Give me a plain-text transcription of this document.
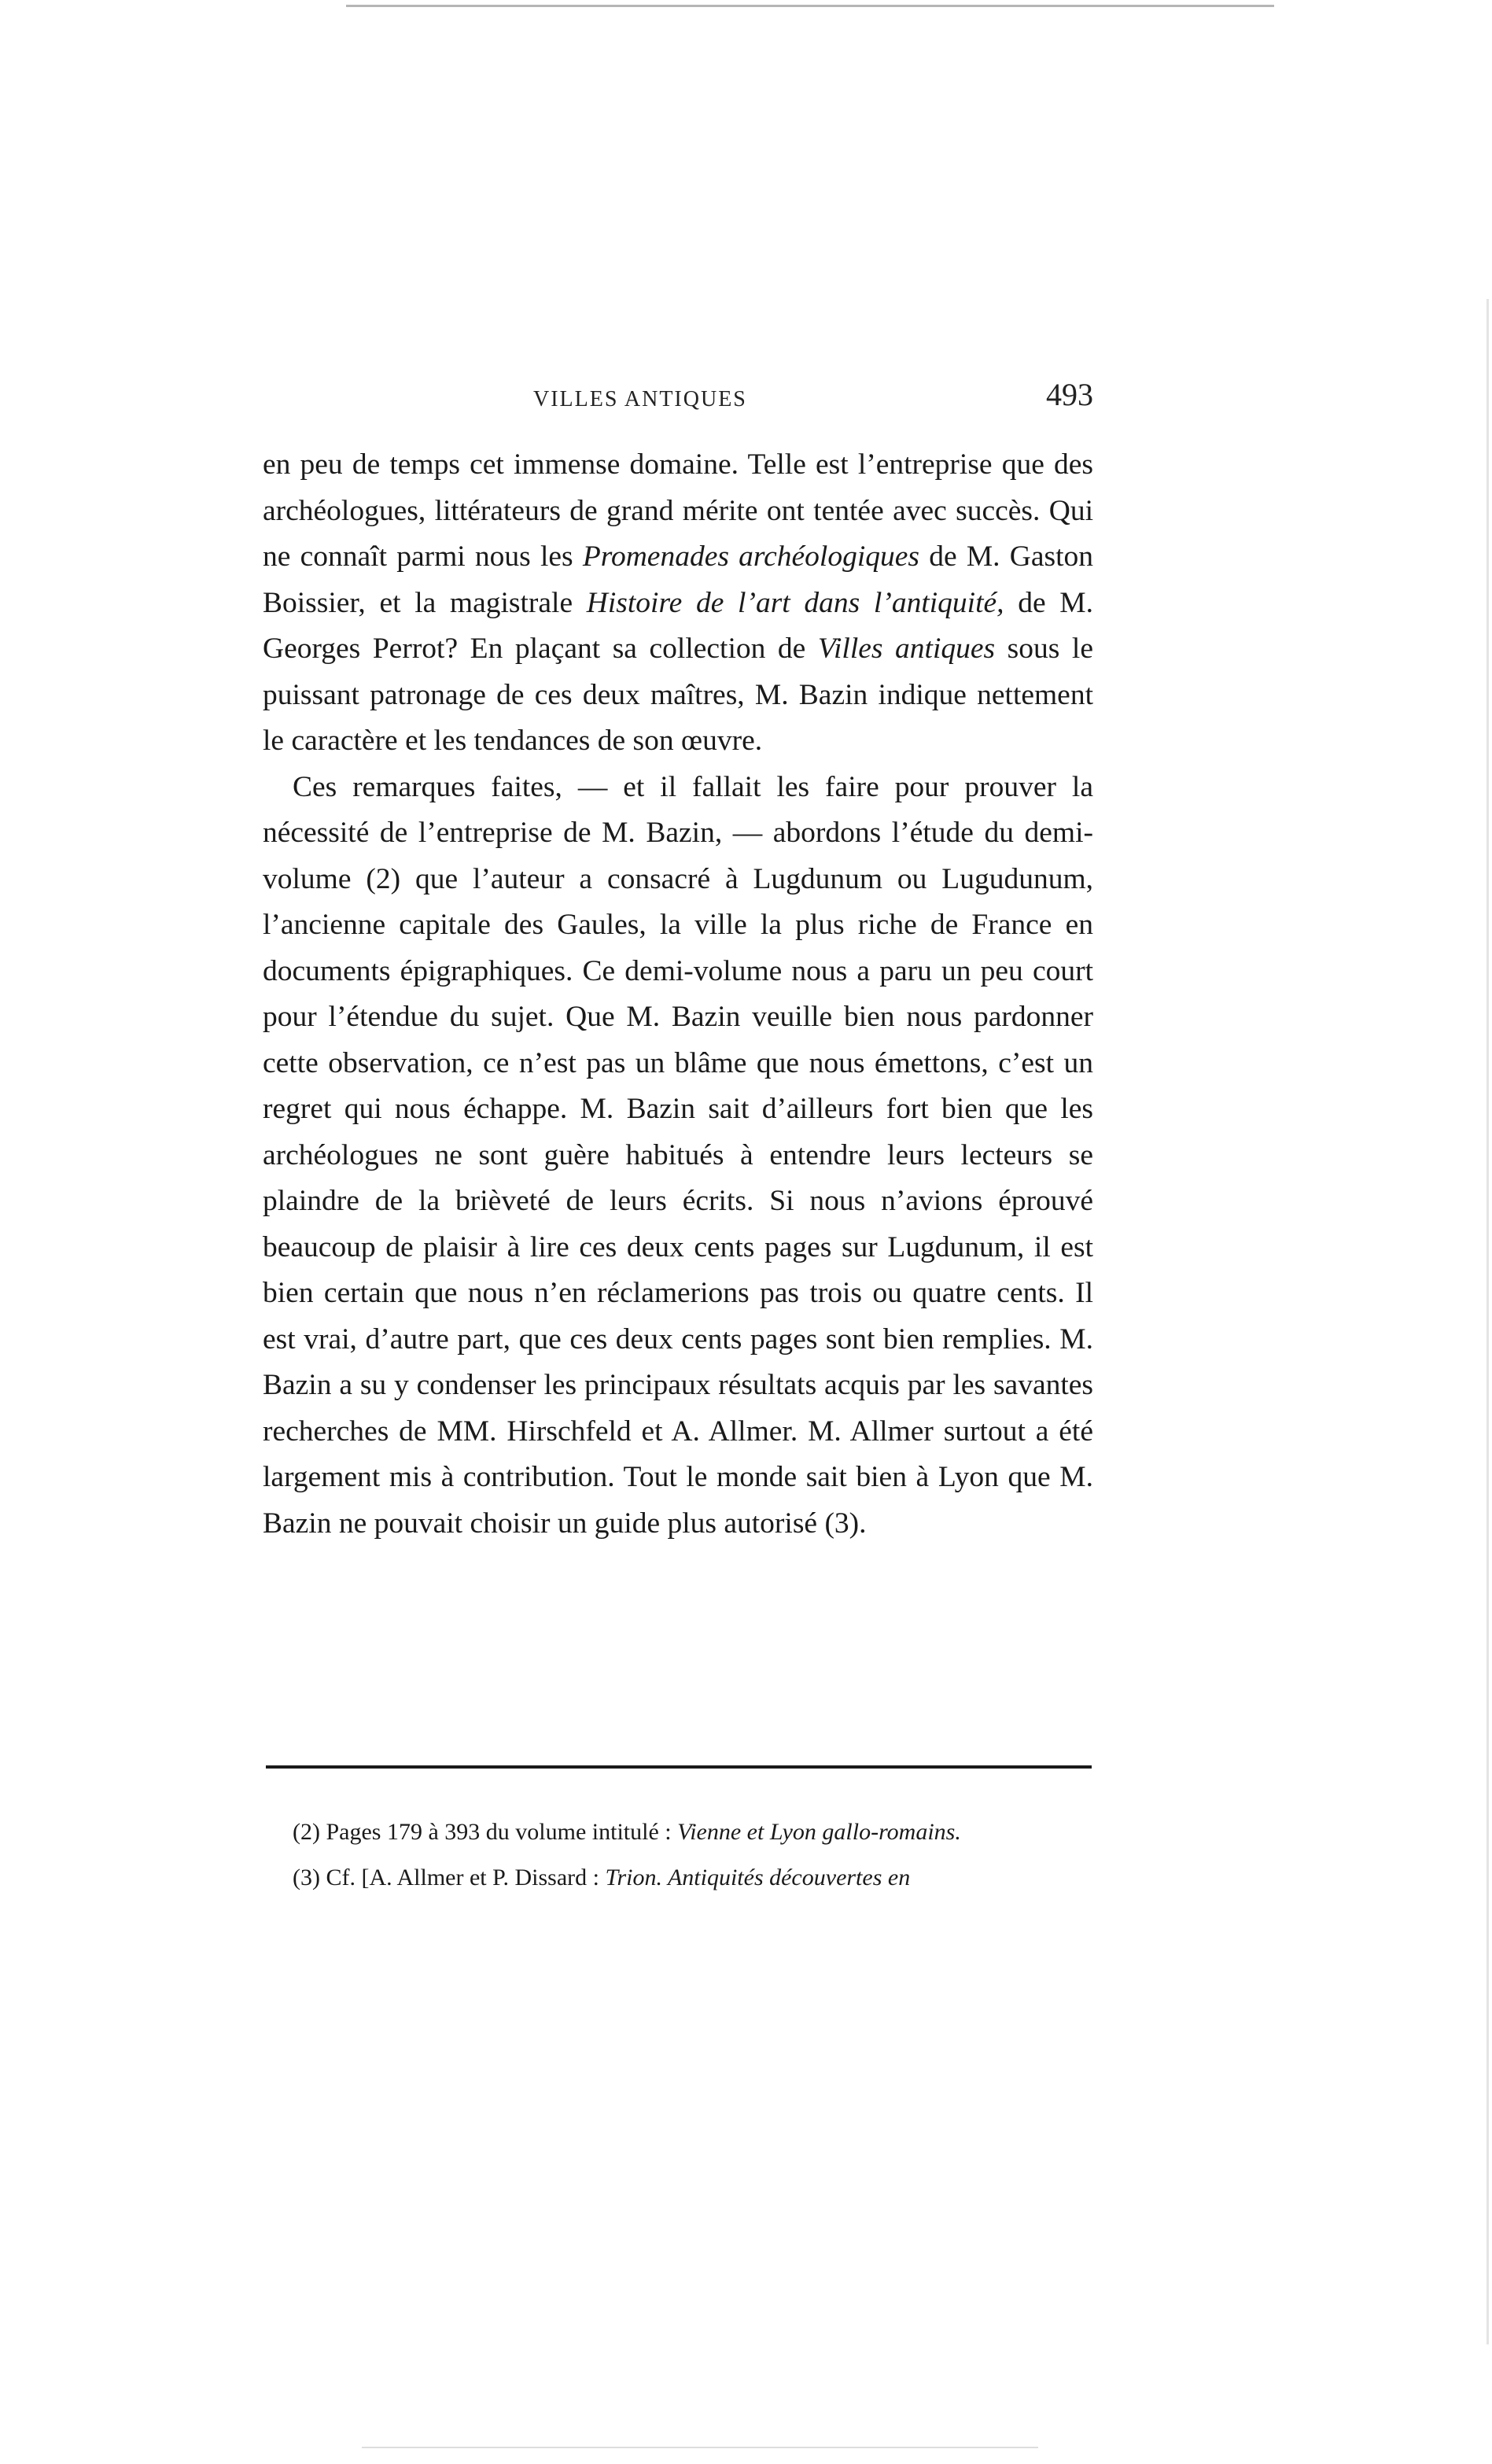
VILLES ANTIQUES	493

en peu de temps cet immense domaine. Telle est l’entreprise que des archéologues, littérateurs de grand mérite ont tentée avec succès. Qui ne connaît parmi nous les Promenades archéologiques de M. Gaston Boissier, et la magistrale Histoire de l’art dans l’antiquité, de M. Georges Perrot? En plaçant sa collection de Villes antiques sous le puissant patronage de ces deux maîtres, M. Bazin indique nettement le caractère et les tendances de son œuvre.

Ces remarques faites, — et il fallait les faire pour prouver la nécessité de l’entreprise de M. Bazin, — abordons l’étude du demi-volume (2) que l’auteur a consacré à Lugdunum ou Lugudunum, l’ancienne capitale des Gaules, la ville la plus riche de France en documents épigraphiques. Ce demi-volume nous a paru un peu court pour l’étendue du sujet. Que M. Bazin veuille bien nous pardonner cette observation, ce n’est pas un blâme que nous émettons, c’est un regret qui nous échappe. M. Bazin sait d’ailleurs fort bien que les archéologues ne sont guère habitués à entendre leurs lecteurs se plaindre de la brièveté de leurs écrits. Si nous n’avions éprouvé beaucoup de plaisir à lire ces deux cents pages sur Lugdunum, il est bien certain que nous n’en réclamerions pas trois ou quatre cents. Il est vrai, d’autre part, que ces deux cents pages sont bien remplies. M. Bazin a su y condenser les principaux résultats acquis par les savantes recherches de MM. Hirschfeld et A. Allmer. M. Allmer surtout a été largement mis à contribution. Tout le monde sait bien à Lyon que M. Bazin ne pouvait choisir un guide plus autorisé (3).

(2) Pages 179 à 393 du volume intitulé : Vienne et Lyon gallo-romains.
(3) Cf. [A. Allmer et P. Dissard : Trion. Antiquités découvertes en
